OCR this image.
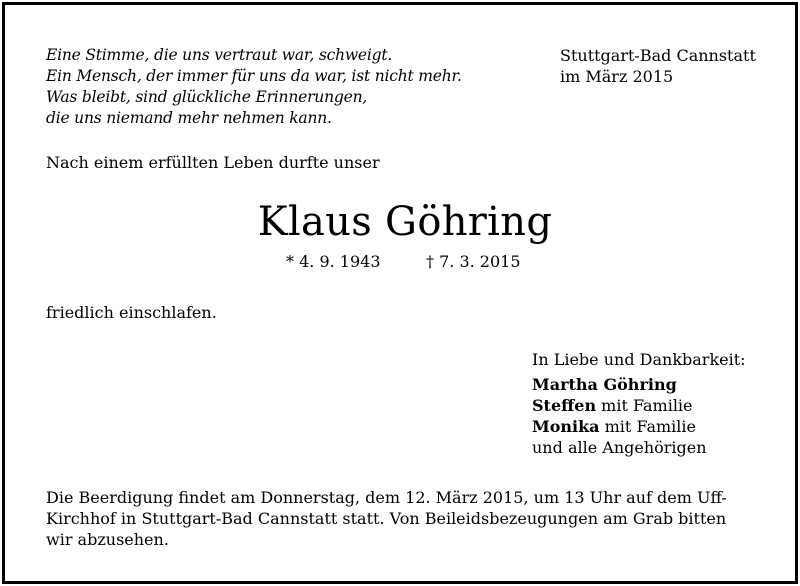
Eine Stimme, die uns vertraut war, schweigt.
Ein Mensch, der immer für uns da war, ist nicht mehr.
Was bleibt, sind glückliche Erinnerungen,
die uns niemand mehr nehmen kann.
Stuttgart-Bad Cannstatt
im März 2015
Nach einem erfüllten Leben durfte unser
Klaus Göhring
* 4. 9. 1943	† 7. 3. 2015
friedlich einschlafen.
In Liebe und Dankbarkeit:
Martha Göhring
Steffen mit Familie
Monika mit Familie
und alle Angehörigen
Die Beerdigung findet am Donnerstag, dem 12. März 2015, um 13 Uhr auf dem Uff-
Kirchhof in Stuttgart-Bad Cannstatt statt. Von Beileidsbezeugungen am Grab bitten
wir abzusehen.
